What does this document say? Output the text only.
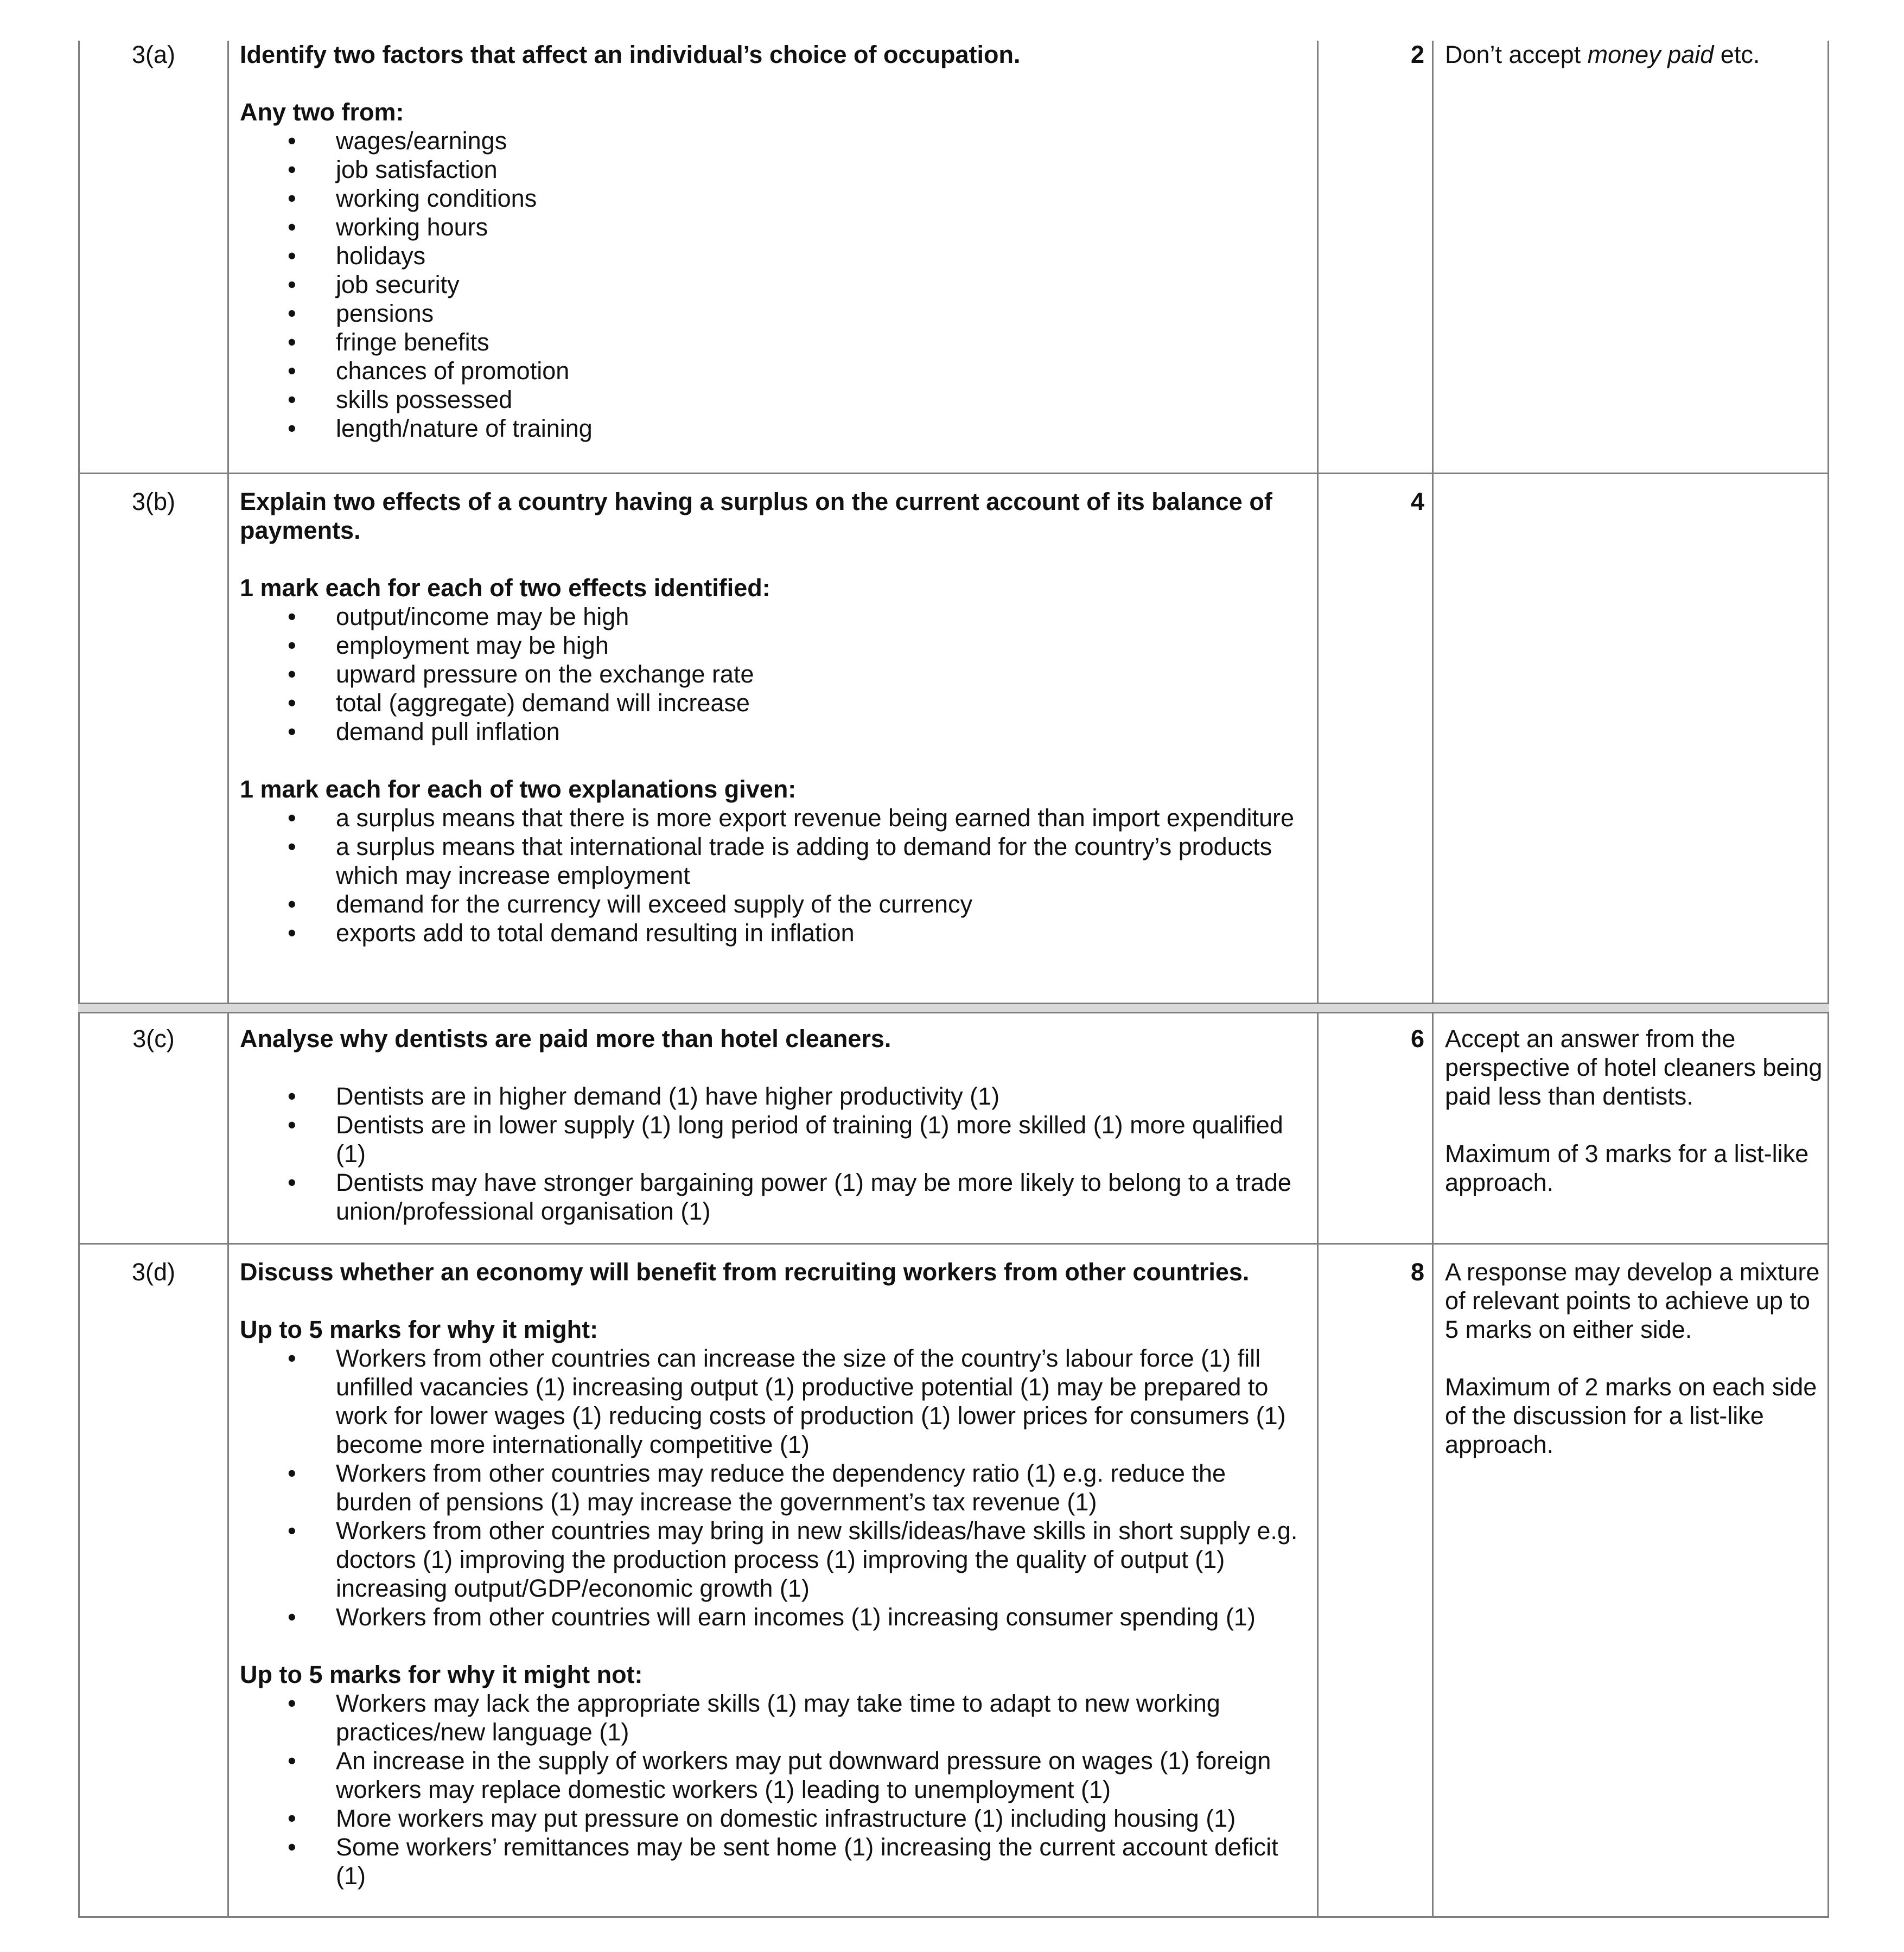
3(a)	Identify two factors that affect an individual’s choice of occupation.

Any two from:

• wages/earnings
• job satisfaction
• working conditions
• working hours
• holidays
• job security
• pensions
• fringe benefits
• chances of promotion
• skills possessed
• length/nature of training
2 Don’t accept money paid etc.

3(b)	Explain two effects of a country having a surplus on the current account of its balance of payments.

1 mark each for each of two effects identified:

• output/income may be high
• employment may be high
• upward pressure on the exchange rate
• total (aggregate) demand will increase
• demand pull inflation

1 mark each for each of two explanations given:

• a surplus means that there is more export revenue being earned than import expenditure
• a surplus means that international trade is adding to demand for the country’s products which may increase employment
• demand for the currency will exceed supply of the currency
• exports add to total demand resulting in inflation
4
3(c)	Analyse why dentists are paid more than hotel cleaners.

• Dentists are in higher demand (1) have higher productivity (1)
• Dentists are in lower supply (1) long period of training (1) more skilled (1) more qualified (1)
• Dentists may have stronger bargaining power (1) may be more likely to belong to a trade union/professional organisation (1)
6 Accept an answer from the perspective of hotel cleaners being paid less than dentists.

Maximum of 3 marks for a list-like approach.

3(d)	Discuss whether an economy will benefit from recruiting workers from other countries.

Up to 5 marks for why it might:

• Workers from other countries can increase the size of the country’s labour force (1) fill unfilled vacancies (1) increasing output (1) productive potential (1) may be prepared to work for lower wages (1) reducing costs of production (1) lower prices for consumers (1) become more internationally competitive (1)
• Workers from other countries may reduce the dependency ratio (1) e.g. reduce the burden of pensions (1) may increase the government’s tax revenue (1)
• Workers from other countries may bring in new skills/ideas/have skills in short supply e.g. doctors (1) improving the production process (1) improving the quality of output (1) increasing output/GDP/economic growth (1)
• Workers from other countries will earn incomes (1) increasing consumer spending (1)

Up to 5 marks for why it might not:

• Workers may lack the appropriate skills (1) may take time to adapt to new working practices/new language (1)
• An increase in the supply of workers may put downward pressure on wages (1) foreign workers may replace domestic workers (1) leading to unemployment (1)
• More workers may put pressure on domestic infrastructure (1) including housing (1)
• Some workers’ remittances may be sent home (1) increasing the current account deficit (1)
8 A response may develop a mixture of relevant points to achieve up to 5 marks on either side.

Maximum of 2 marks on each side of the discussion for a list-like approach.
